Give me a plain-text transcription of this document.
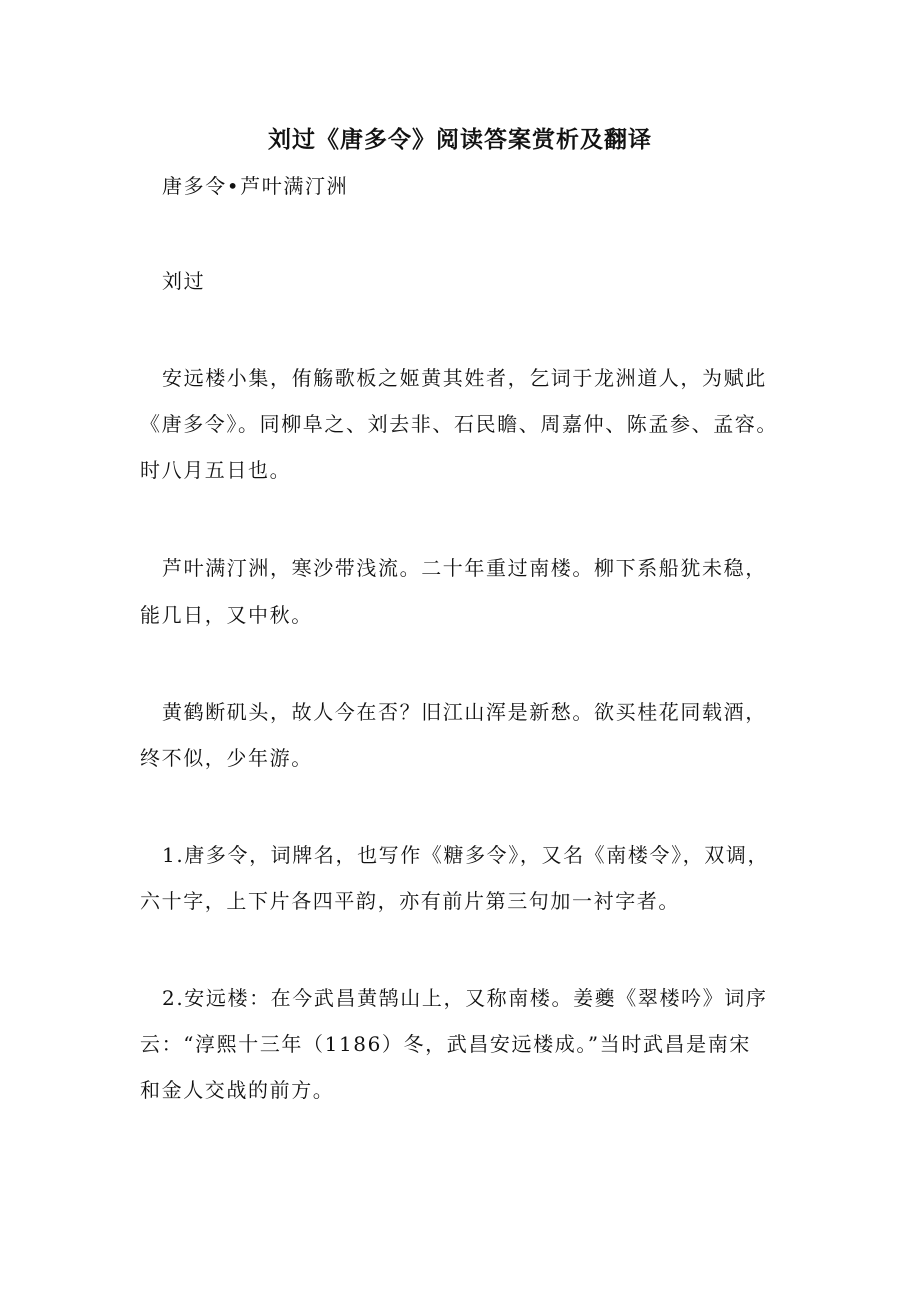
刘过《唐多令》阅读答案赏析及翻译
唐多令•芦叶满汀洲
刘过
安远楼小集，侑觞歌板之姬黄其姓者，乞词于龙洲道人，为赋此
《唐多令》。同柳阜之、刘去非、石民瞻、周嘉仲、陈孟参、孟容。
时八月五日也。
芦叶满汀洲，寒沙带浅流。二十年重过南楼。柳下系船犹未稳，
能几日，又中秋。
黄鹤断矶头，故人今在否？旧江山浑是新愁。欲买桂花同载酒，
终不似，少年游。
1.唐多令，词牌名，也写作《糖多令》，又名《南楼令》，双调，
六十字，上下片各四平韵，亦有前片第三句加一衬字者。
2.安远楼：在今武昌黄鹄山上，又称南楼。姜夔《翠楼吟》词序
云：“淳熙十三年（1186）冬，武昌安远楼成。”当时武昌是南宋
和金人交战的前方。
